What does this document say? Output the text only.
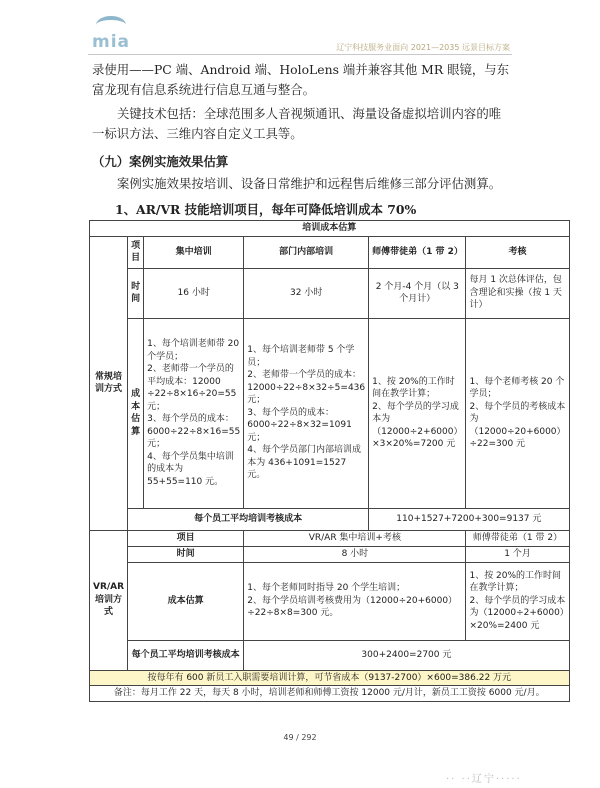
mia	辽宁科技服务业面向 2021—2035 远景目标方案
录使用——PC 端、Android 端、HoloLens 端并兼容其他 MR 眼镜，与东富龙现有信息系统进行信息互通与整合。
关键技术包括：全球范围多人音视频通讯、海量设备虚拟培训内容的唯一标识方法、三维内容自定义工具等。
（九）案例实施效果估算
案例实施效果按培训、设备日常维护和远程售后维修三部分评估测算。
1、AR/VR 技能培训项目，每年可降低培训成本 70%
培训成本估算					
常规培训方式	项目	集中培训	部门内部培训	师傅带徒弟（1 带 2）	考核
	时间	16 小时	32 小时	2 个月-4 个月（以 3 个月计）	每月 1 次总体评估，包含理论和实操（按 1 天计）
	成本估算	1、每个培训老师带 20 个学员；
2、老师带一个学员的平均成本：12000 ÷22÷8×16÷20=55 元；
3、每个学员的成本：6000÷22÷8×16=55 元；
4、每个学员集中培训的成本为 55+55=110 元。	1、每个培训老师带 5 个学员；
2、老师带一个学员的成本：12000÷22÷8×32÷5=436 元；
3、每个学员的成本：6000÷22÷8×32=1091 元；
4、每个学员部门内部培训成本为 436+1091=1527 元。	1、按 20%的工作时间在教学计算；
2、每个学员的学习成本为（12000÷2+6000）×3×20%=7200 元	1、每个老师考核 20 个学员；
2、每个学员的考核成本为（12000÷20+6000）÷22=300 元
	每个员工平均培训考核成本			110+1527+7200+300=9137 元	
VR/AR 培训方式	项目		VR/AR 集中培训+考核		师傅带徒弟（1 带 2）
	时间		8 小时		1 个月
	成本估算		1、每个老师同时指导 20 个学生培训；
2、每个学员培训考核费用为（12000÷20+6000）÷22÷8×8=300 元。		1、按 20%的工作时间在教学计算；
2、每个学员的学习成本为（12000÷2+6000）×20%=2400 元
	每个员工平均培训考核成本		300+2400=2700 元		
按每年有 600 新员工入职需要培训计算，可节省成本（9137-2700）×600=386.22 万元					
备注：每月工作 22 天，每天 8 小时，培训老师和师傅工资按 12000 元/月计，新员工工资按 6000 元/月。					
49 / 292
·· ··辽宁·····
